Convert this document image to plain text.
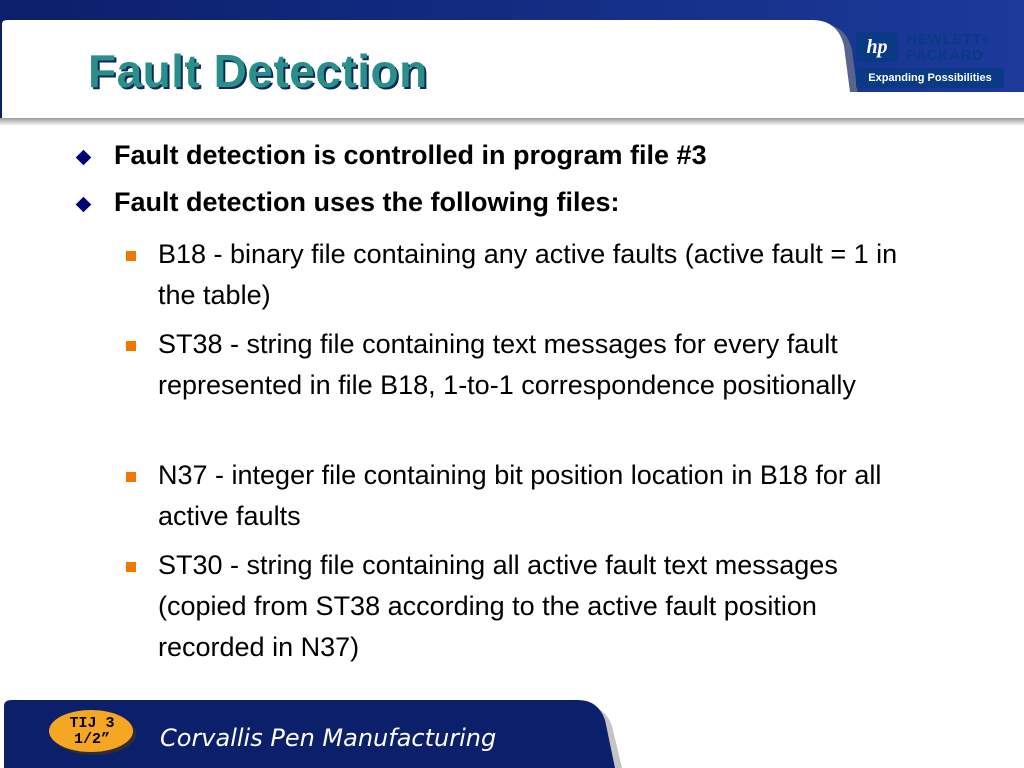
Fault Detection	hp	HEWLETT®
PACKARD
Expanding Possibilities
Fault detection is controlled in program file #3
Fault detection uses the following files:
B18 - binary file containing any active faults (active fault = 1 in the table)
ST38 - string file containing text messages for every fault represented in file B18, 1-to-1 correspondence positionally
N37 - integer file containing bit position location in B18 for all active faults
ST30 - string file containing all active fault text messages (copied from ST38 according to the active fault position recorded in N37)
TIJ 3
1/2”	Corvallis Pen Manufacturing
